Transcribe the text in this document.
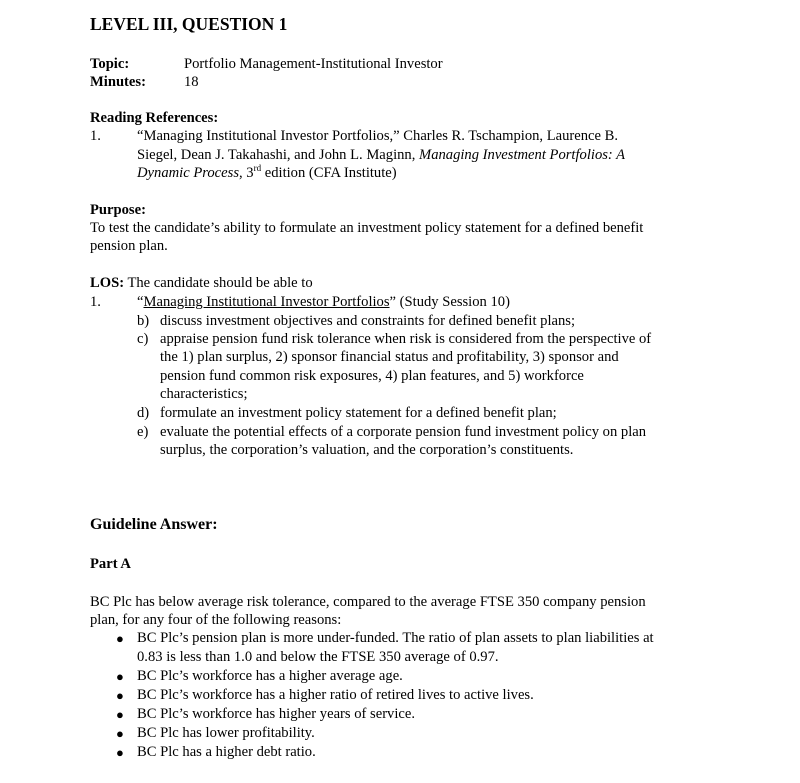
LEVEL III, QUESTION 1
Topic:	Portfolio Management-Institutional Investor
Minutes:	18
Reading References:
1. “Managing Institutional Investor Portfolios,” Charles R. Tschampion, Laurence B.
Siegel, Dean J. Takahashi, and John L. Maginn, Managing Investment Portfolios: A
Dynamic Process, 3rd edition (CFA Institute)
Purpose:
To test the candidate’s ability to formulate an investment policy statement for a defined benefit
pension plan.
LOS: The candidate should be able to
1. “Managing Institutional Investor Portfolios” (Study Session 10)
b) discuss investment objectives and constraints for defined benefit plans;
c) appraise pension fund risk tolerance when risk is considered from the perspective of
the 1) plan surplus, 2) sponsor financial status and profitability, 3) sponsor and
pension fund common risk exposures, 4) plan features, and 5) workforce
characteristics;
d) formulate an investment policy statement for a defined benefit plan;
e) evaluate the potential effects of a corporate pension fund investment policy on plan
surplus, the corporation’s valuation, and the corporation’s constituents.
Guideline Answer:
Part A
BC Plc has below average risk tolerance, compared to the average FTSE 350 company pension
plan, for any four of the following reasons:
● BC Plc’s pension plan is more under-funded. The ratio of plan assets to plan liabilities at
0.83 is less than 1.0 and below the FTSE 350 average of 0.97.
● BC Plc’s workforce has a higher average age.
● BC Plc’s workforce has a higher ratio of retired lives to active lives.
● BC Plc’s workforce has higher years of service.
● BC Plc has lower profitability.
● BC Plc has a higher debt ratio.
